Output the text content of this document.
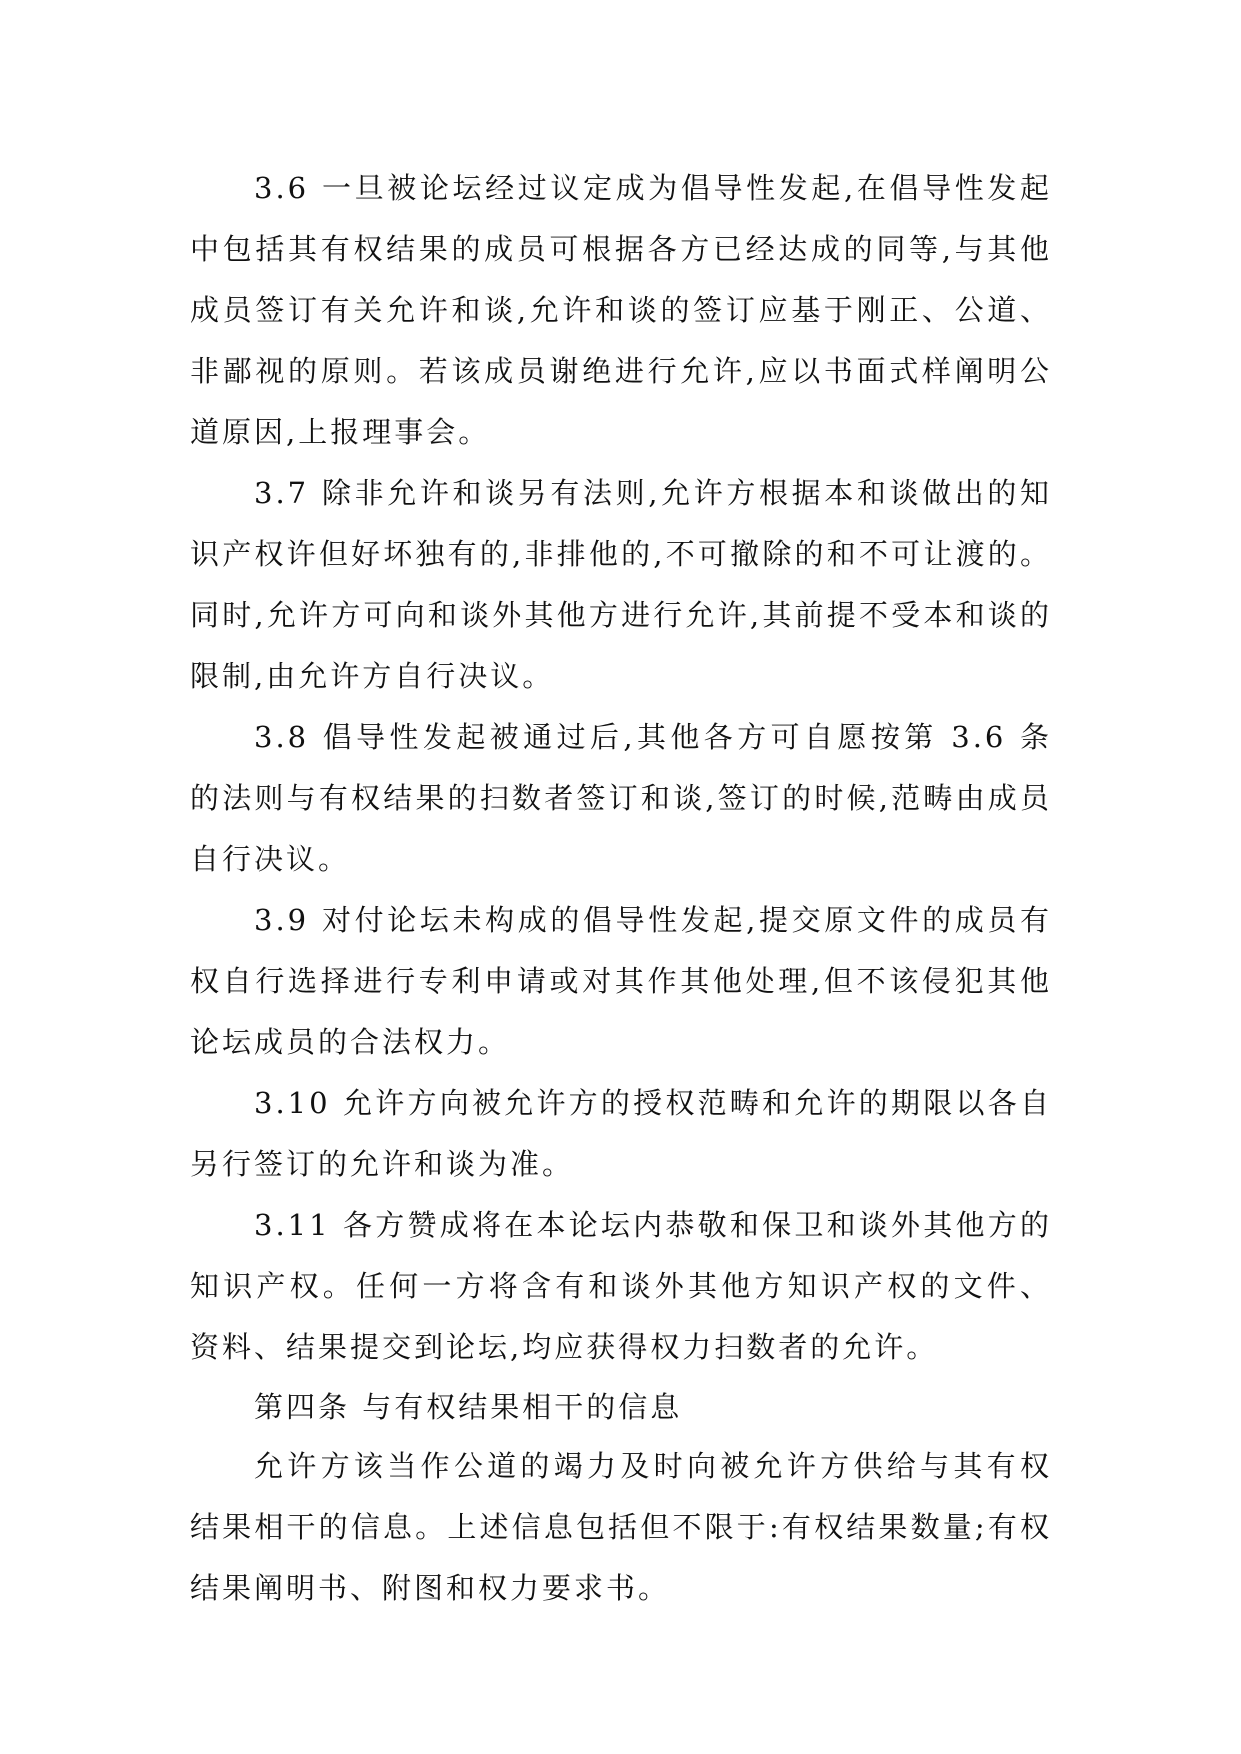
3.6 一旦被论坛经过议定成为倡导性发起,在倡导性发起中包括其有权结果的成员可根据各方已经达成的同等,与其他成员签订有关允许和谈,允许和谈的签订应基于刚正、公道、非鄙视的原则。若该成员谢绝进行允许,应以书面式样阐明公道原因,上报理事会。

3.7 除非允许和谈另有法则,允许方根据本和谈做出的知识产权许但好坏独有的,非排他的,不可撤除的和不可让渡的。同时,允许方可向和谈外其他方进行允许,其前提不受本和谈的限制,由允许方自行决议。

3.8 倡导性发起被通过后,其他各方可自愿按第 3.6 条的法则与有权结果的扫数者签订和谈,签订的时候,范畴由成员自行决议。

3.9 对付论坛未构成的倡导性发起,提交原文件的成员有权自行选择进行专利申请或对其作其他处理,但不该侵犯其他论坛成员的合法权力。

3.10 允许方向被允许方的授权范畴和允许的期限以各自另行签订的允许和谈为准。

3.11 各方赞成将在本论坛内恭敬和保卫和谈外其他方的知识产权。任何一方将含有和谈外其他方知识产权的文件、资料、结果提交到论坛,均应获得权力扫数者的允许。

第四条 与有权结果相干的信息

允许方该当作公道的竭力及时向被允许方供给与其有权结果相干的信息。上述信息包括但不限于:有权结果数量;有权结果阐明书、附图和权力要求书。
